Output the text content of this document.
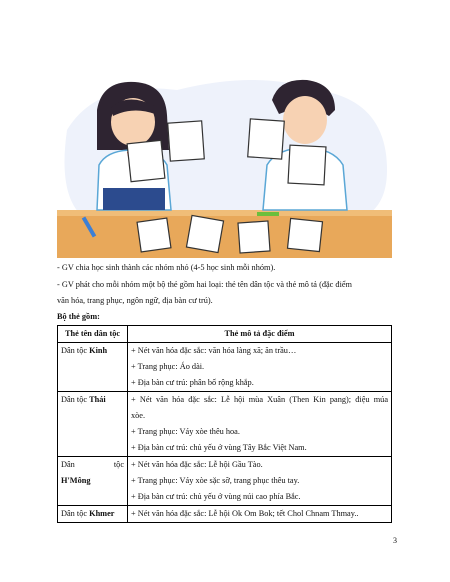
- GV chia học sinh thành các nhóm nhỏ (4-5 học sinh mỗi nhóm).
- GV phát cho mỗi nhóm một bộ thẻ gồm hai loại: thẻ tên dân tộc và thẻ mô tả (đặc điểm
văn hóa, trang phục, ngôn ngữ, địa bàn cư trú).
Bộ thẻ gồm:
Thẻ tên dân tộc	Thẻ mô tả đặc điểm
Dân tộc Kinh	+ Nét văn hóa đặc sắc: văn hóa làng xã; ăn trầu…
+ Trang phục: Áo dài.
+ Địa bàn cư trú: phân bố rộng khắp.

Dân tộc Thái	+ Nét văn hóa đặc sắc: Lễ hội mùa Xuân (Then Kin pang); điệu múa
xòe.
+ Trang phục: Váy xòe thêu hoa.
+ Địa bàn cư trú: chủ yếu ở vùng Tây Bắc Việt Nam.

Dân tộc
H'Mông	+ Nét văn hóa đặc sắc: Lễ hội Gầu Tào.
+ Trang phục: Váy xòe sặc sỡ, trang phục thêu tay.
+ Địa bàn cư trú: chủ yếu ở vùng núi cao phía Bắc.

Dân tộc Khmer	+ Nét văn hóa đặc sắc: Lễ hội Ok Om Bok; tết Chol Chnam Thmay..
3
